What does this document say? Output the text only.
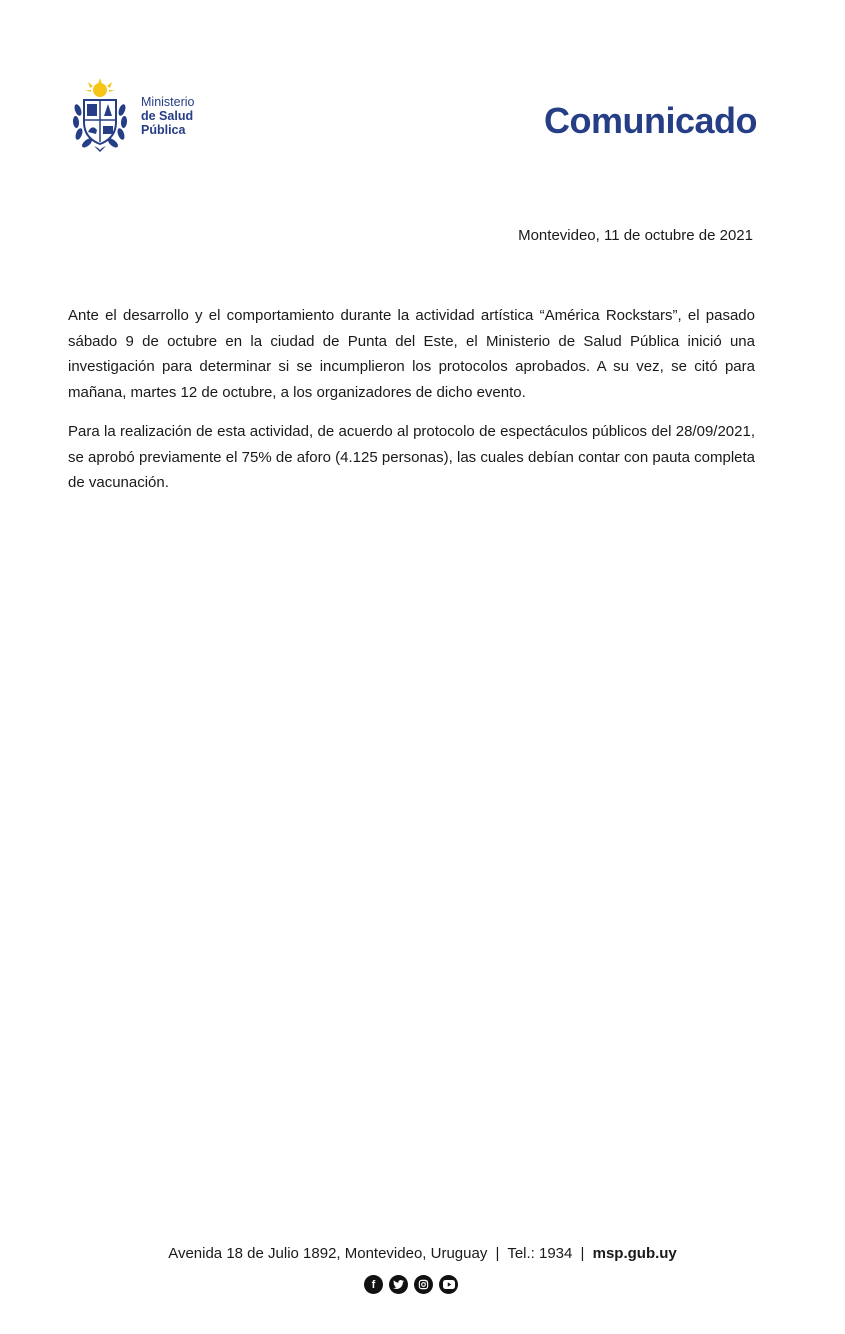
Ministerio
de Salud
Pública	Comunicado
Montevideo, 11 de octubre de 2021

Ante el desarrollo y el comportamiento durante la actividad artística “América Rockstars”, el pasado sábado 9 de octubre en la ciudad de Punta del Este, el Ministerio de Salud Pública inició una investigación para determinar si se incumplieron los protocolos aprobados. A su vez, se citó para mañana, martes 12 de octubre, a los organizadores de dicho evento.

Para la realización de esta actividad, de acuerdo al protocolo de espectáculos públicos del 28/09/2021, se aprobó previamente el 75% de aforo (4.125 personas), las cuales debían contar con pauta completa de vacunación.

Avenida 18 de Julio 1892, Montevideo, Uruguay | Tel.: 1934 | msp.gub.uy
f
